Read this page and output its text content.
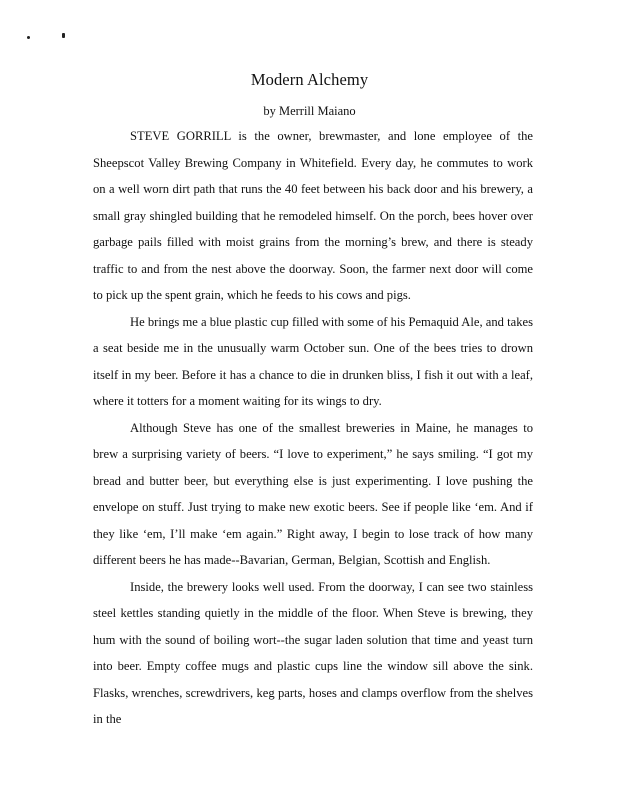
Modern Alchemy
by Merrill Maiano

STEVE GORRILL is the owner, brewmaster, and lone employee of the Sheepscot Valley Brewing Company in Whitefield. Every day, he commutes to work on a well worn dirt path that runs the 40 feet between his back door and his brewery, a small gray shingled building that he remodeled himself. On the porch, bees hover over garbage pails filled with moist grains from the morning’s brew, and there is steady traffic to and from the nest above the doorway. Soon, the farmer next door will come to pick up the spent grain, which he feeds to his cows and pigs.

He brings me a blue plastic cup filled with some of his Pemaquid Ale, and takes a seat beside me in the unusually warm October sun. One of the bees tries to drown itself in my beer. Before it has a chance to die in drunken bliss, I fish it out with a leaf, where it totters for a moment waiting for its wings to dry.

Although Steve has one of the smallest breweries in Maine, he manages to brew a surprising variety of beers. “I love to experiment,” he says smiling. “I got my bread and butter beer, but everything else is just experimenting. I love pushing the envelope on stuff. Just trying to make new exotic beers. See if people like ‘em. And if they like ‘em, I’ll make ‘em again.” Right away, I begin to lose track of how many different beers he has made--Bavarian, German, Belgian, Scottish and English.

Inside, the brewery looks well used. From the doorway, I can see two stainless steel kettles standing quietly in the middle of the floor. When Steve is brewing, they hum with the sound of boiling wort--the sugar laden solution that time and yeast turn into beer. Empty coffee mugs and plastic cups line the window sill above the sink. Flasks, wrenches, screwdrivers, keg parts, hoses and clamps overflow from the shelves in the
